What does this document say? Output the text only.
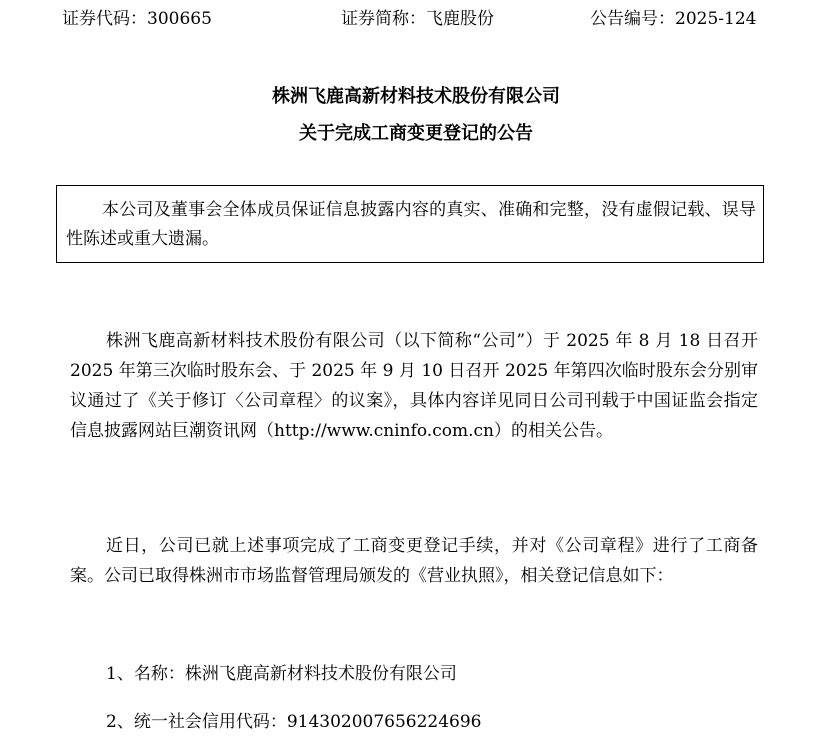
证券代码：300665	证券简称：飞鹿股份	公告编号：2025-124
株洲飞鹿高新材料技术股份有限公司
关于完成工商变更登记的公告

本公司及董事会全体成员保证信息披露内容的真实、准确和完整，没有虚假记载、误导性陈述或重大遗漏。

株洲飞鹿高新材料技术股份有限公司（以下简称“公司”）于 2025 年 8 月 18 日召开 2025 年第三次临时股东会、于 2025 年 9 月 10 日召开 2025 年第四次临时股东会分别审议通过了《关于修订〈公司章程〉的议案》，具体内容详见同日公司刊载于中国证监会指定信息披露网站巨潮资讯网（http://www.cninfo.com.cn）的相关公告。

近日，公司已就上述事项完成了工商变更登记手续，并对《公司章程》进行了工商备案。公司已取得株洲市市场监督管理局颁发的《营业执照》，相关登记信息如下：

1、名称：株洲飞鹿高新材料技术股份有限公司

2、统一社会信用代码：914302007656224696
